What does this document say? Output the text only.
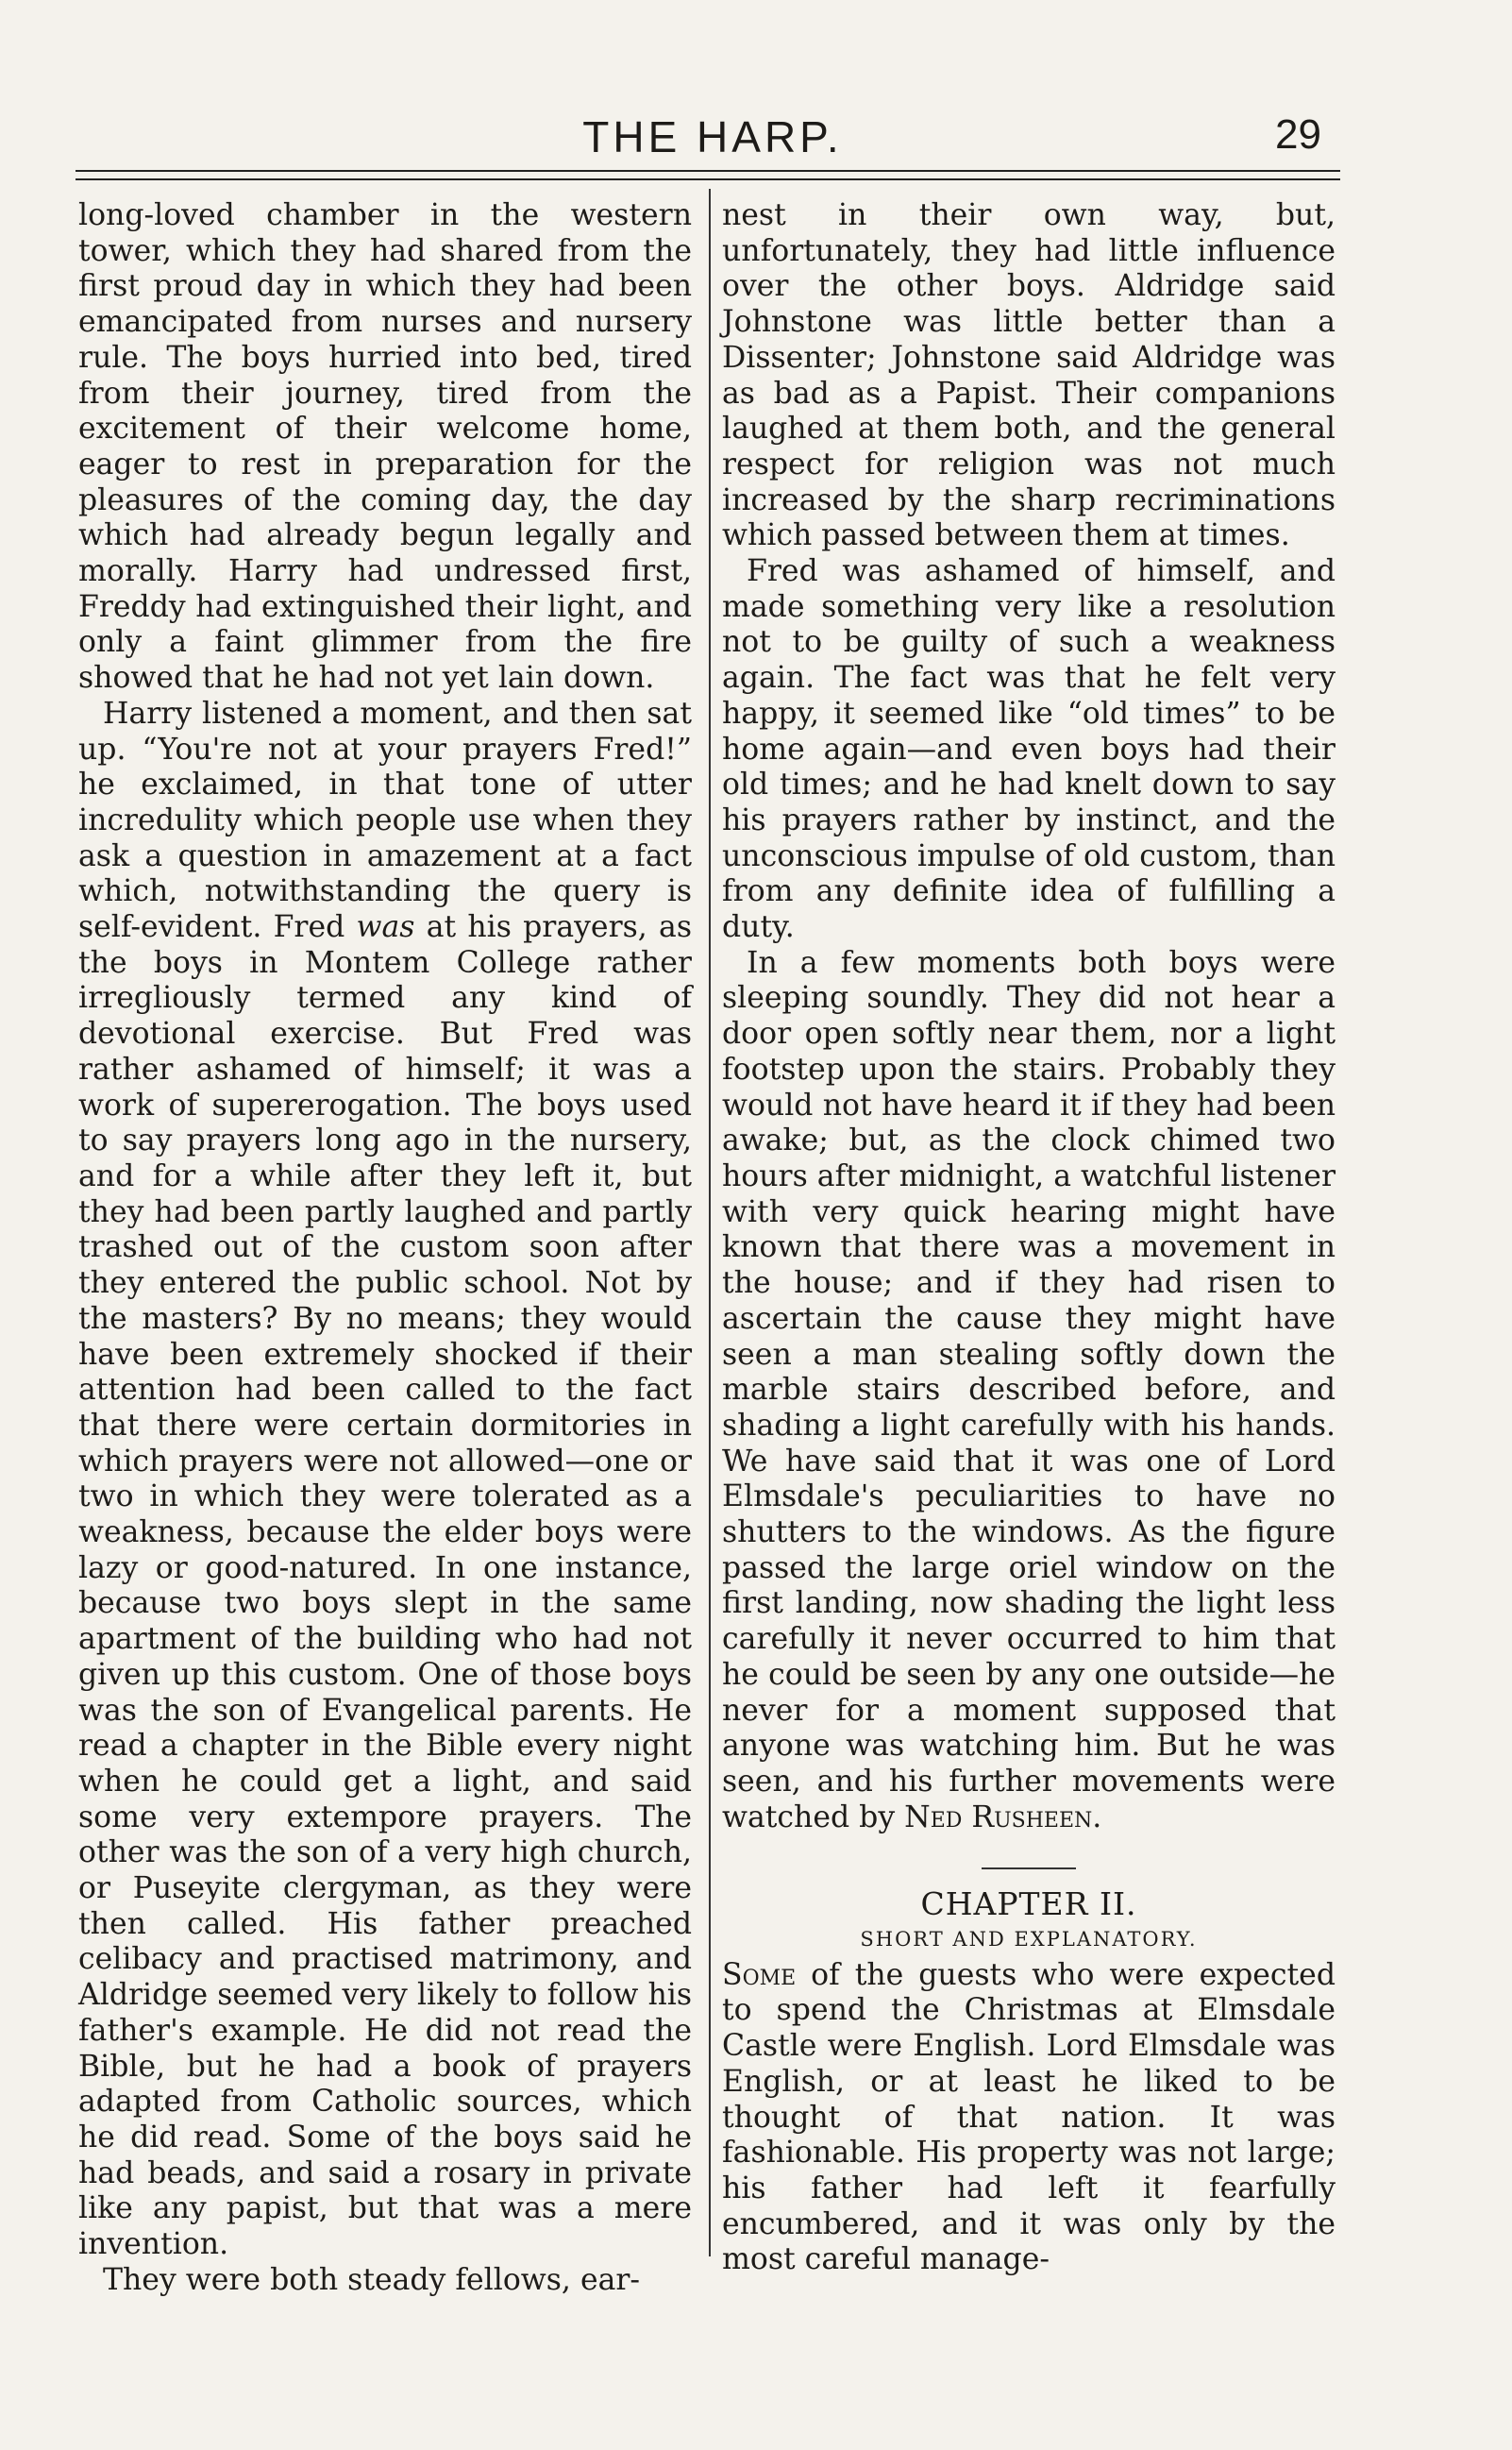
THE HARP.	29

long-loved chamber in the western tower, which they had shared from the first proud day in which they had been emancipated from nurses and nursery rule. The boys hurried into bed, tired from their journey, tired from the excitement of their welcome home, eager to rest in preparation for the pleasures of the coming day, the day which had already begun legally and morally. Harry had undressed first, Freddy had extinguished their light, and only a faint glimmer from the fire showed that he had not yet lain down.

Harry listened a moment, and then sat up. “You're not at your prayers Fred!” he exclaimed, in that tone of utter incredulity which people use when they ask a question in amazement at a fact which, notwithstanding the query is self-evident. Fred was at his prayers, as the boys in Montem College rather irregliously termed any kind of devotional exercise. But Fred was rather ashamed of himself; it was a work of supererogation. The boys used to say prayers long ago in the nursery, and for a while after they left it, but they had been partly laughed and partly trashed out of the custom soon after they entered the public school. Not by the masters? By no means; they would have been extremely shocked if their attention had been called to the fact that there were certain dormitories in which prayers were not allowed—one or two in which they were tolerated as a weakness, because the elder boys were lazy or good-natured. In one instance, because two boys slept in the same apartment of the building who had not given up this custom. One of those boys was the son of Evangelical parents. He read a chapter in the Bible every night when he could get a light, and said some very extempore prayers. The other was the son of a very high church, or Puseyite clergyman, as they were then called. His father preached celibacy and practised matrimony, and Aldridge seemed very likely to follow his father's example. He did not read the Bible, but he had a book of prayers adapted from Catholic sources, which he did read. Some of the boys said he had beads, and said a rosary in private like any papist, but that was a mere invention.

They were both steady fellows, ear-

nest in their own way, but, unfortunately, they had little influence over the other boys. Aldridge said Johnstone was little better than a Dissenter; Johnstone said Aldridge was as bad as a Papist. Their companions laughed at them both, and the general respect for religion was not much increased by the sharp recriminations which passed between them at times.

Fred was ashamed of himself, and made something very like a resolution not to be guilty of such a weakness again. The fact was that he felt very happy, it seemed like “old times” to be home again—and even boys had their old times; and he had knelt down to say his prayers rather by instinct, and the unconscious impulse of old custom, than from any definite idea of fulfilling a duty.

In a few moments both boys were sleeping soundly. They did not hear a door open softly near them, nor a light footstep upon the stairs. Probably they would not have heard it if they had been awake; but, as the clock chimed two hours after midnight, a watchful listener with very quick hearing might have known that there was a movement in the house; and if they had risen to ascertain the cause they might have seen a man stealing softly down the marble stairs described before, and shading a light carefully with his hands. We have said that it was one of Lord Elmsdale's peculiarities to have no shutters to the windows. As the figure passed the large oriel window on the first landing, now shading the light less carefully it never occurred to him that he could be seen by any one outside—he never for a moment supposed that anyone was watching him. But he was seen, and his further movements were watched by Ned Rusheen.

CHAPTER II.

SHORT AND EXPLANATORY.

Some of the guests who were expected to spend the Christmas at Elmsdale Castle were English. Lord Elmsdale was English, or at least he liked to be thought of that nation. It was fashionable. His property was not large; his father had left it fearfully encumbered, and it was only by the most careful manage-
